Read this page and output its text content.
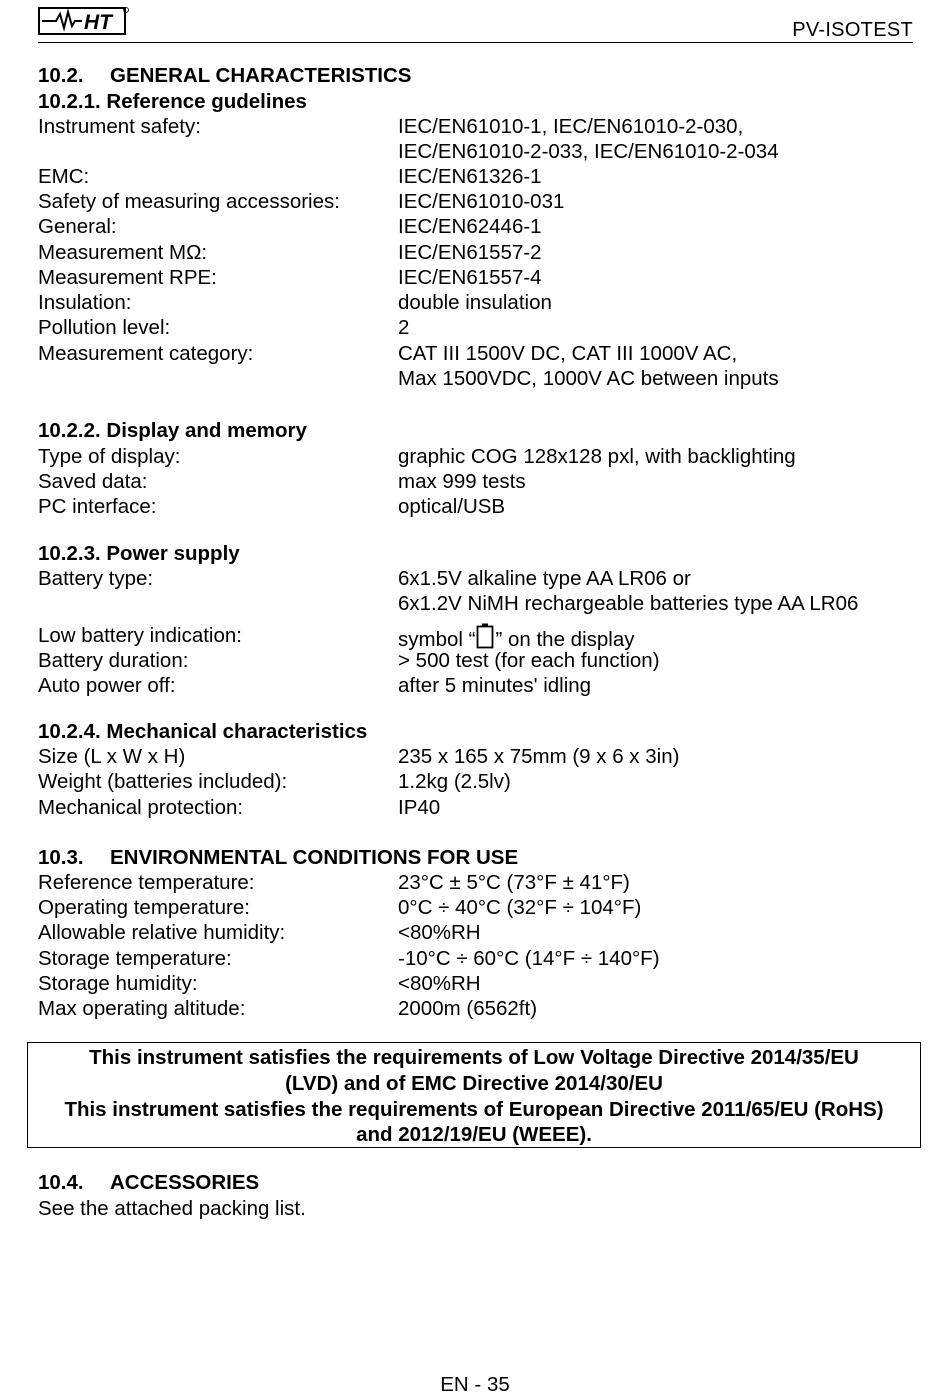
HT	PV-ISOTEST
10.2. GENERAL CHARACTERISTICS
10.2.1. Reference gudelines
Instrument safety:	IEC/EN61010-1, IEC/EN61010-2-030,
IEC/EN61010-2-033, IEC/EN61010-2-034
EMC:	IEC/EN61326-1
Safety of measuring accessories:	IEC/EN61010-031
General:	IEC/EN62446-1
Measurement MΩ:	IEC/EN61557-2
Measurement RPE:	IEC/EN61557-4
Insulation:	double insulation
Pollution level:	2
Measurement category:	CAT III 1500V DC, CAT III 1000V AC,
Max 1500VDC, 1000V AC between inputs
10.2.2. Display and memory
Type of display:	graphic COG 128x128 pxl, with backlighting
Saved data:	max 999 tests
PC interface:	optical/USB
10.2.3. Power supply
Battery type:	6x1.5V alkaline type AA LR06 or
6x1.2V NiMH rechargeable batteries type AA LR06
Low battery indication:	symbol “ ” on the display
Battery duration:	> 500 test (for each function)
Auto power off:	after 5 minutes' idling
10.2.4. Mechanical characteristics
Size (L x W x H)	235 x 165 x 75mm (9 x 6 x 3in)
Weight (batteries included):	1.2kg (2.5lv)
Mechanical protection:	IP40
10.3. ENVIRONMENTAL CONDITIONS FOR USE
Reference temperature:	23°C ± 5°C (73°F ± 41°F)
Operating temperature:	0°C ÷ 40°C (32°F ÷ 104°F)
Allowable relative humidity:	<80%RH
Storage temperature:	-10°C ÷ 60°C (14°F ÷ 140°F)
Storage humidity:	<80%RH
Max operating altitude:	2000m (6562ft)
This instrument satisfies the requirements of Low Voltage Directive 2014/35/EU
(LVD) and of EMC Directive 2014/30/EU
This instrument satisfies the requirements of European Directive 2011/65/EU (RoHS)
and 2012/19/EU (WEEE).
10.4. ACCESSORIES
See the attached packing list.
EN - 35
